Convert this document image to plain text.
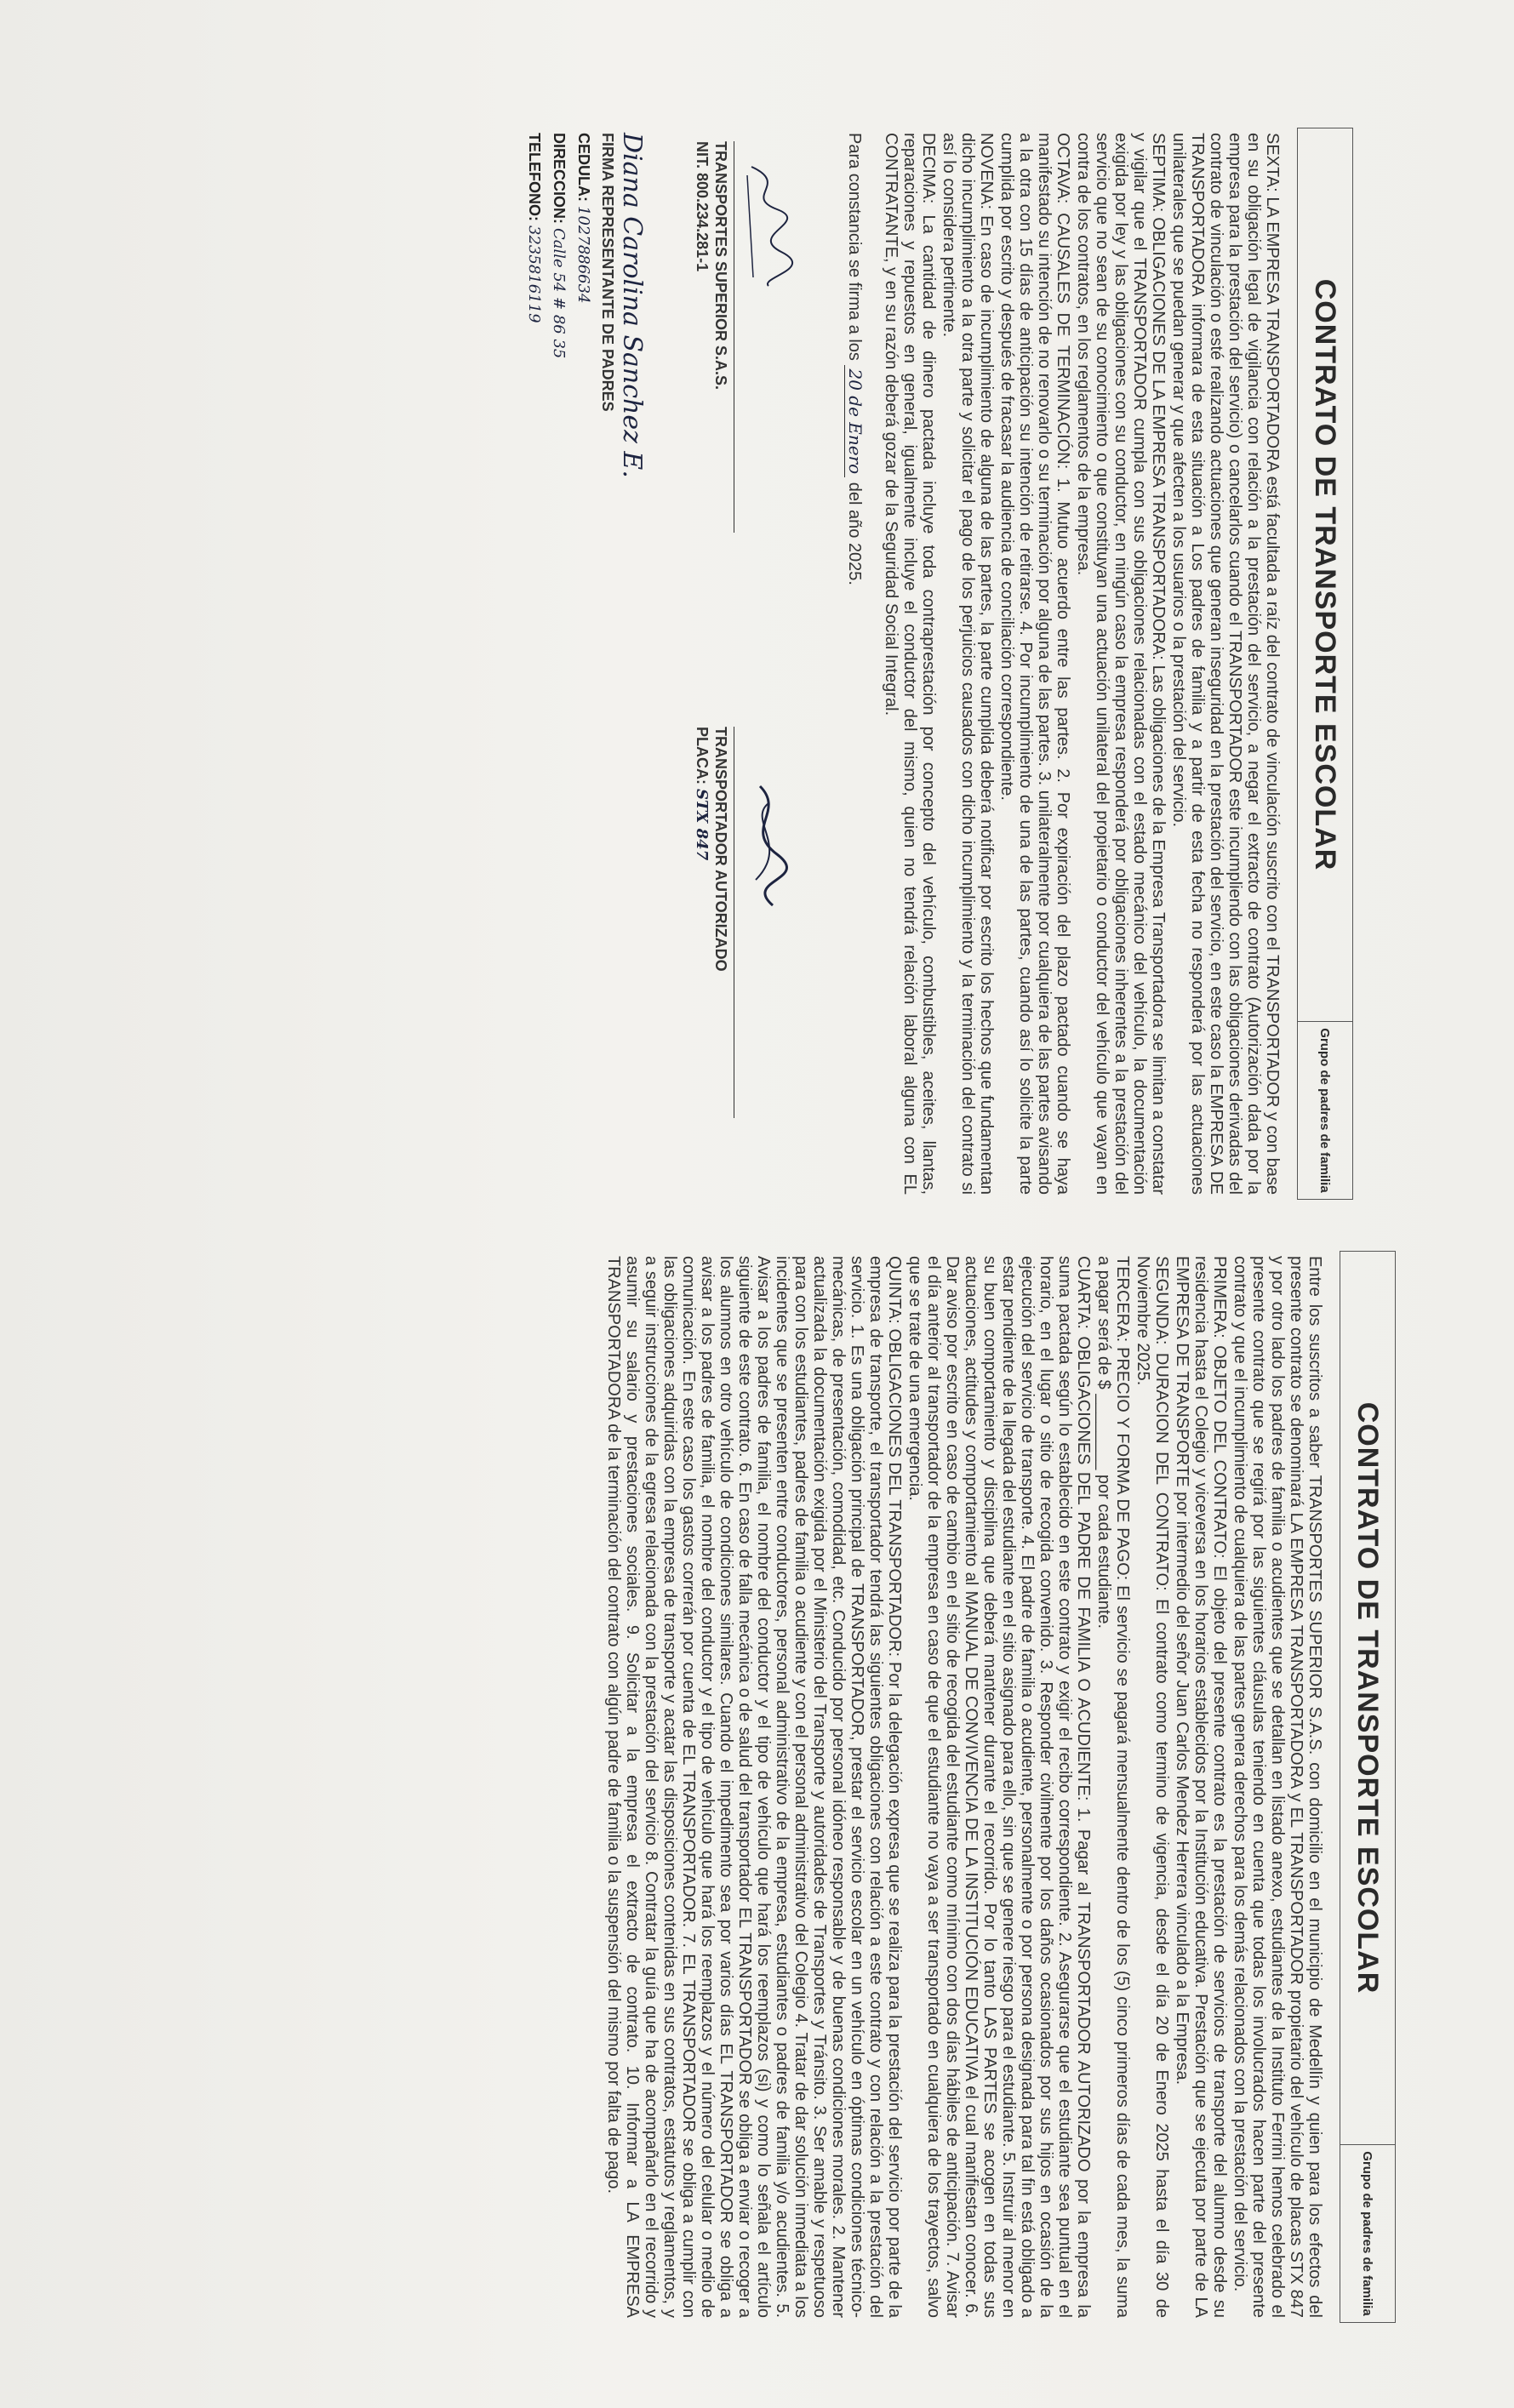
CONTRATO DE TRANSPORTE ESCOLAR
Grupo de padres de familia

SEXTA: LA EMPRESA TRANSPORTADORA está facultada a raíz del contrato de vinculación suscrito con el TRANSPORTADOR y con base en su obligación legal de vigilancia con relación a la prestación del servicio, a negar el extracto de contrato (Autorización dada por la empresa para la prestación del servicio) o cancelarlos cuando el TRANSPORTADOR este incumpliendo con las obligaciones derivadas del contrato de vinculación o esté realizando actuaciones que generan inseguridad en la prestación del servicio, en este caso la EMPRESA DE TRANSPORTADORA informara de esta situación a Los padres de familia y a partir de esta fecha no responderá por las actuaciones unilaterales que se puedan generar y que afecten a los usuarios o la prestación del servicio.

SEPTIMA: OBLIGACIONES DE LA EMPRESA TRANSPORTADORA: Las obligaciones de la Empresa Transportadora se limitan a constatar y vigilar que el TRANSPORTADOR cumpla con sus obligaciones relacionadas con el estado mecánico del vehículo, la documentación exigida por ley y las obligaciones con su conductor, en ningún caso la empresa responderá por obligaciones inherentes a la prestación del servicio que no sean de su conocimiento o que constituyan una actuación unilateral del propietario o conductor del vehículo que vayan en contra de los contratos, en los reglamentos de la empresa.

OCTAVA: CAUSALES DE TERMINACIÓN: 1. Mutuo acuerdo entre las partes. 2. Por expiración del plazo pactado cuando se haya manifestado su intención de no renovarlo o su terminación por alguna de las partes. 3. unilateralmente por cualquiera de las partes avisando a la otra con 15 días de anticipación su intención de retirarse. 4. Por incumplimiento de una de las partes, cuando así lo solicite la parte cumplida por escrito y después de fracasar la audiencia de conciliación correspondiente.

NOVENA: En caso de incumplimiento de alguna de las partes, la parte cumplida deberá notificar por escrito los hechos que fundamentan dicho incumplimiento a la otra parte y solicitar el pago de los perjuicios causados con dicho incumplimiento y la terminación del contrato si así lo considera pertinente.

DECIMA: La cantidad de dinero pactada incluye toda contraprestación por concepto del vehículo, combustibles, aceites, llantas, reparaciones y repuestos en general, igualmente incluye el conductor del mismo, quien no tendrá relación laboral alguna con EL CONTRATANTE, y en su razón deberá gozar de la Seguridad Social Integral.

Para constancia se firma a los 20 de Enero del año 2025.

TRANSPORTES SUPERIOR S.A.S.
NIT. 800.234.281-1
TRANSPORTADOR AUTORIZADO
PLACA: STX 847
Diana Carolina Sanchez E.
FIRMA REPRESENTANTE DE PADRES
CEDULA: 1027886634
DIRECCION: Calle 54 # 86 35
TELEFONO: 3235816119
CONTRATO DE TRANSPORTE ESCOLAR
Grupo de padres de familia

Entre los suscritos a saber TRANSPORTES SUPERIOR S.A.S. con domicilio en el municipio de Medellín y quien para los efectos del presente contrato se denominará LA EMPRESA TRANSPORTADORA y EL TRANSPORTADOR propietario del vehículo de placas STX 847 y por otro lado los padres de familia o acudientes que se detallan en listado anexo, estudiantes de la Instituto Ferrini hemos celebrado el presente contrato que se regirá por las siguientes cláusulas teniendo en cuenta que todas los involucrados hacen parte del presente contrato y que el incumplimiento de cualquiera de las partes genera derechos para los demás relacionados con la prestación del servicio.

PRIMERA: OBJETO DEL CONTRATO: El objeto del presente contrato es la prestación de servicios de transporte del alumno desde su residencia hasta el Colegio y viceversa en los horarios establecidos por la Institución educativa. Prestación que se ejecuta por parte de LA EMPRESA DE TRANSPORTE por intermedio del señor Juan Carlos Mendez Herrera vinculado a la Empresa.

SEGUNDA: DURACION DEL CONTRATO: El contrato como termino de vigencia, desde el día 20 de Enero 2025 hasta el día 30 de Noviembre 2025.

TERCERA: PRECIO Y FORMA DE PAGO: El servicio se pagará mensualmente dentro de los (5) cinco primeros días de cada mes, la suma a pagar será de $ ________ por cada estudiante.

CUARTA: OBLIGACIONES DEL PADRE DE FAMILIA O ACUDIENTE: 1. Pagar al TRANSPORTADOR AUTORIZADO por la empresa la suma pactada según lo establecido en este contrato y exigir el recibo correspondiente. 2. Asegurarse que el estudiante sea puntual en el horario, en el lugar o sitio de recogida convenido. 3. Responder civilmente por los daños ocasionados por sus hijos en ocasión de la ejecución del servicio de transporte. 4. El padre de familia o acudiente, personalmente o por persona designada para tal fin está obligado a estar pendiente de la llegada del estudiante en el sitio asignado para ello, sin que se genere riesgo para el estudiante. 5. Instruir al menor en su buen comportamiento y disciplina que deberá mantener durante el recorrido. Por lo tanto LAS PARTES se acogen en todas sus actuaciones, actitudes y comportamiento al MANUAL DE CONVIVENCIA DE LA INSTITUCIÓN EDUCATIVA el cual manifiestan conocer. 6. Dar aviso por escrito en caso de cambio en el sitio de recogida del estudiante como mínimo con dos días hábiles de anticipación. 7. Avisar el día anterior al transportador de la empresa en caso de que el estudiante no vaya a ser transportado en cualquiera de los trayectos, salvo que se trate de una emergencia.

QUINTA: OBLIGACIONES DEL TRANSPORTADOR: Por la delegación expresa que se realiza para la prestación del servicio por parte de la empresa de transporte, el transportador tendrá las siguientes obligaciones con relación a este contrato y con relación a la prestación del servicio. 1. Es una obligación principal de TRANSPORTADOR, prestar el servicio escolar en un vehículo en óptimas condiciones técnico- mecánicas, de presentación, comodidad, etc. Conducido por personal idóneo responsable y de buenas condiciones morales. 2. Mantener actualizada la documentación exigida por el Ministerio del Transporte y autoridades de Transportes y Tránsito. 3. Ser amable y respetuoso para con los estudiantes, padres de familia o acudiente y con el personal administrativo del Colegio 4. Tratar de dar solución inmediata a los incidentes que se presenten entre conductores, personal administrativo de la empresa, estudiantes o padres de familia y/o acudientes. 5. Avisar a los padres de familia, el nombre del conductor y el tipo de vehículo que hará los reemplazos (si) y como lo señala el artículo siguiente de este contrato. 6. En caso de falla mecánica o de salud del transportador EL TRANSPORTADOR se obliga a enviar o recoger a los alumnos en otro vehículo de condiciones similares. Cuando el impedimento sea por varios días EL TRANSPORTADOR se obliga a avisar a los padres de familia, el nombre del conductor y el tipo de vehículo que hará los reemplazos y el número del celular o medio de comunicación. En este caso los gastos correrán por cuenta de EL TRANSPORTADOR. 7. EL TRANSPORTADOR se obliga a cumplir con las obligaciones adquiridas con la empresa de transporte y acatar las disposiciones contenidas en sus contratos, estatutos y reglamentos, y a seguir instrucciones de la egresa relacionada con la prestación del servicio 8. Contratar la guía que ha de acompañarlo en el recorrido y asumir su salario y prestaciones sociales. 9. Solicitar a la empresa el extracto de contrato. 10. Informar a LA EMPRESA TRANSPORTADORA de la terminación del contrato con algún padre de familia o la suspensión del mismo por falta de pago.
